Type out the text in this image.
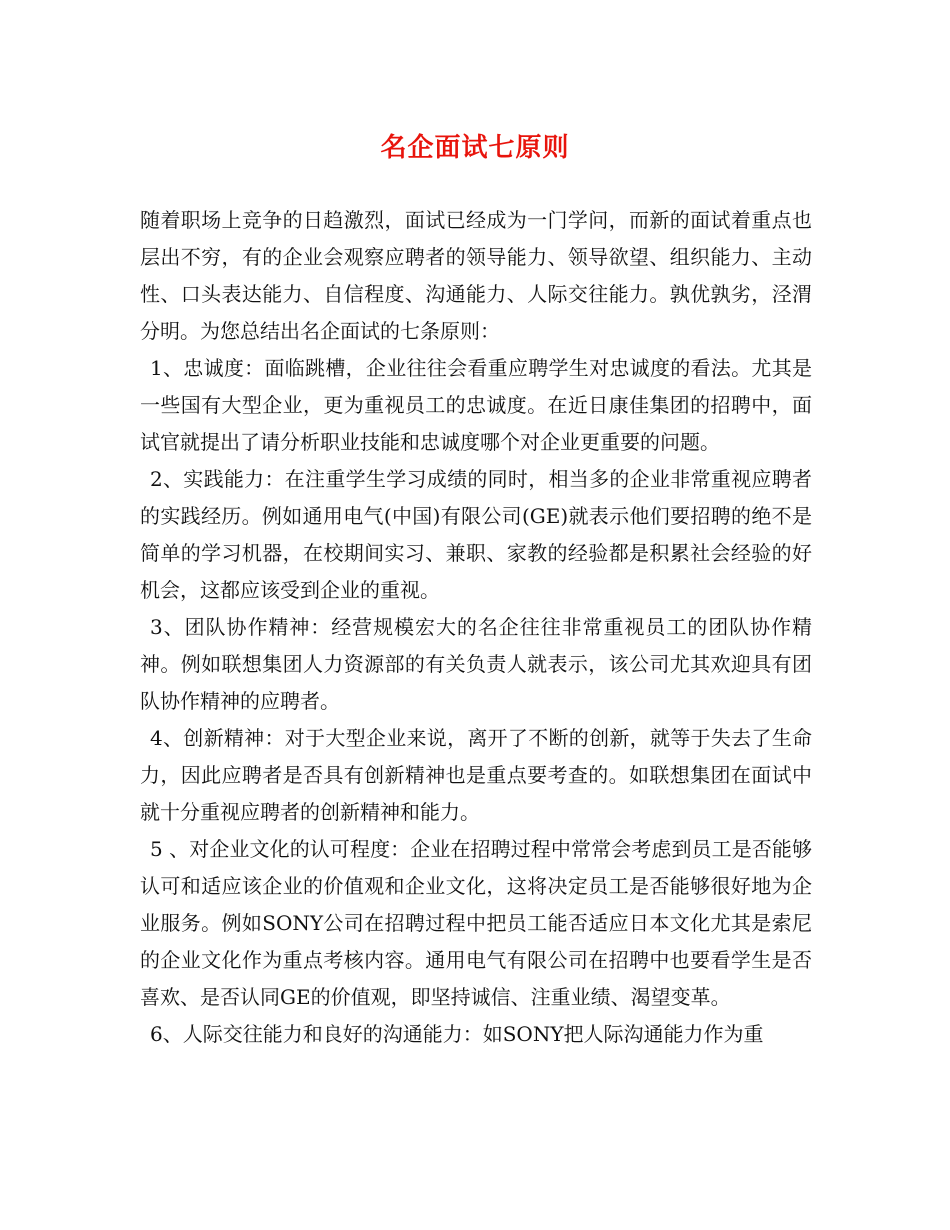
名企面试七原则

随着职场上竞争的日趋激烈，面试已经成为一门学问，而新的面试着重点也层出不穷，有的企业会观察应聘者的领导能力、领导欲望、组织能力、主动性、口头表达能力、自信程度、沟通能力、人际交往能力。孰优孰劣，泾渭分明。为您总结出名企面试的七条原则：

1、忠诚度：面临跳槽，企业往往会看重应聘学生对忠诚度的看法。尤其是一些国有大型企业，更为重视员工的忠诚度。在近日康佳集团的招聘中，面试官就提出了请分析职业技能和忠诚度哪个对企业更重要的问题。

2、实践能力：在注重学生学习成绩的同时，相当多的企业非常重视应聘者的实践经历。例如通用电气(中国)有限公司(GE)就表示他们要招聘的绝不是简单的学习机器，在校期间实习、兼职、家教的经验都是积累社会经验的好机会，这都应该受到企业的重视。

3、团队协作精神：经营规模宏大的名企往往非常重视员工的团队协作精神。例如联想集团人力资源部的有关负责人就表示，该公司尤其欢迎具有团队协作精神的应聘者。

4、创新精神：对于大型企业来说，离开了不断的创新，就等于失去了生命力，因此应聘者是否具有创新精神也是重点要考查的。如联想集团在面试中就十分重视应聘者的创新精神和能力。

5 、对企业文化的认可程度：企业在招聘过程中常常会考虑到员工是否能够认可和适应该企业的价值观和企业文化，这将决定员工是否能够很好地为企业服务。例如SONY公司在招聘过程中把员工能否适应日本文化尤其是索尼的企业文化作为重点考核内容。通用电气有限公司在招聘中也要看学生是否喜欢、是否认同GE的价值观，即坚持诚信、注重业绩、渴望变革。

6、人际交往能力和良好的沟通能力：如SONY把人际沟通能力作为重
